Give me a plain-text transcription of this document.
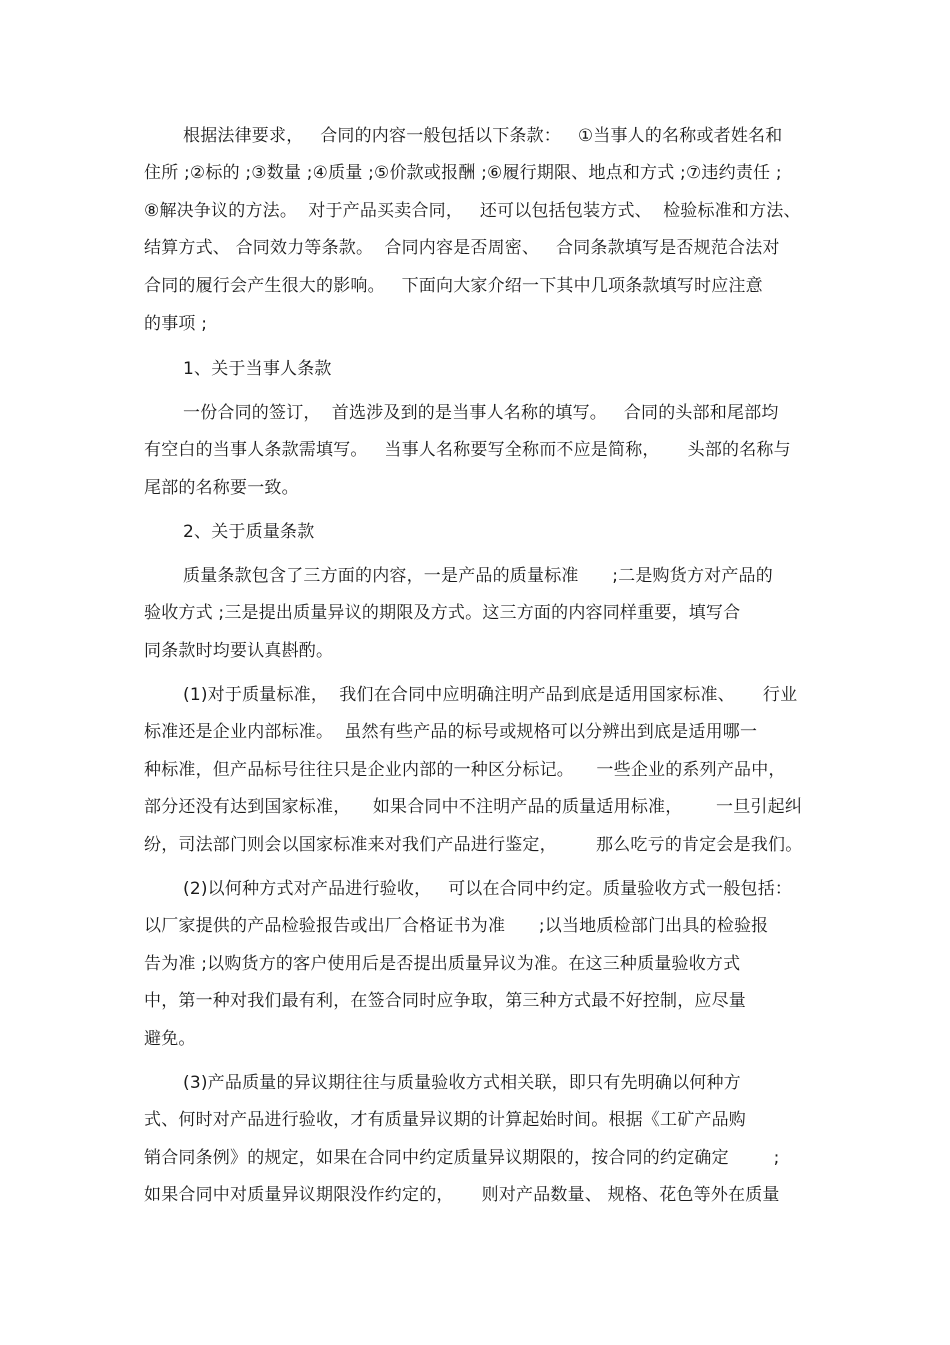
根据法律要求，   合同的内容一般包括以下条款：   ①当事人的名称或者姓名和
住所 ;②标的 ;③数量 ;④质量 ;⑤价款或报酬 ;⑥履行期限、地点和方式 ;⑦违约责任 ;
⑧解决争议的方法。  对于产品买卖合同，   还可以包括包装方式、  检验标准和方法、
结算方式、 合同效力等条款。  合同内容是否周密、   合同条款填写是否规范合法对
合同的履行会产生很大的影响。   下面向大家介绍一下其中几项条款填写时应注意
的事项 ;
1、关于当事人条款
一份合同的签订，  首选涉及到的是当事人名称的填写。   合同的头部和尾部均
有空白的当事人条款需填写。   当事人名称要写全称而不应是简称，     头部的名称与
尾部的名称要一致。
2、关于质量条款
质量条款包含了三方面的内容，一是产品的质量标准      ;二是购货方对产品的
验收方式 ;三是提出质量异议的期限及方式。这三方面的内容同样重要，填写合
同条款时均要认真斟酌。
(1)对于质量标准，  我们在合同中应明确注明产品到底是适用国家标准、     行业
标准还是企业内部标准。  虽然有些产品的标号或规格可以分辨出到底是适用哪一
种标准，但产品标号往往只是企业内部的一种区分标记。    一些企业的系列产品中，
部分还没有达到国家标准，    如果合同中不注明产品的质量适用标准，      一旦引起纠
纷，司法部门则会以国家标准来对我们产品进行鉴定，       那么吃亏的肯定会是我们。
(2)以何种方式对产品进行验收，   可以在合同中约定。质量验收方式一般包括：
以厂家提供的产品检验报告或出厂合格证书为准      ;以当地质检部门出具的检验报
告为准 ;以购货方的客户使用后是否提出质量异议为准。在这三种质量验收方式
中，第一种对我们最有利，在签合同时应争取，第三种方式最不好控制，应尽量
避免。
(3)产品质量的异议期往往与质量验收方式相关联，即只有先明确以何种方
式、何时对产品进行验收，才有质量异议期的计算起始时间。根据《工矿产品购
销合同条例》的规定，如果在合同中约定质量异议期限的，按合同的约定确定        ;
如果合同中对质量异议期限没作约定的，     则对产品数量、 规格、花色等外在质量
